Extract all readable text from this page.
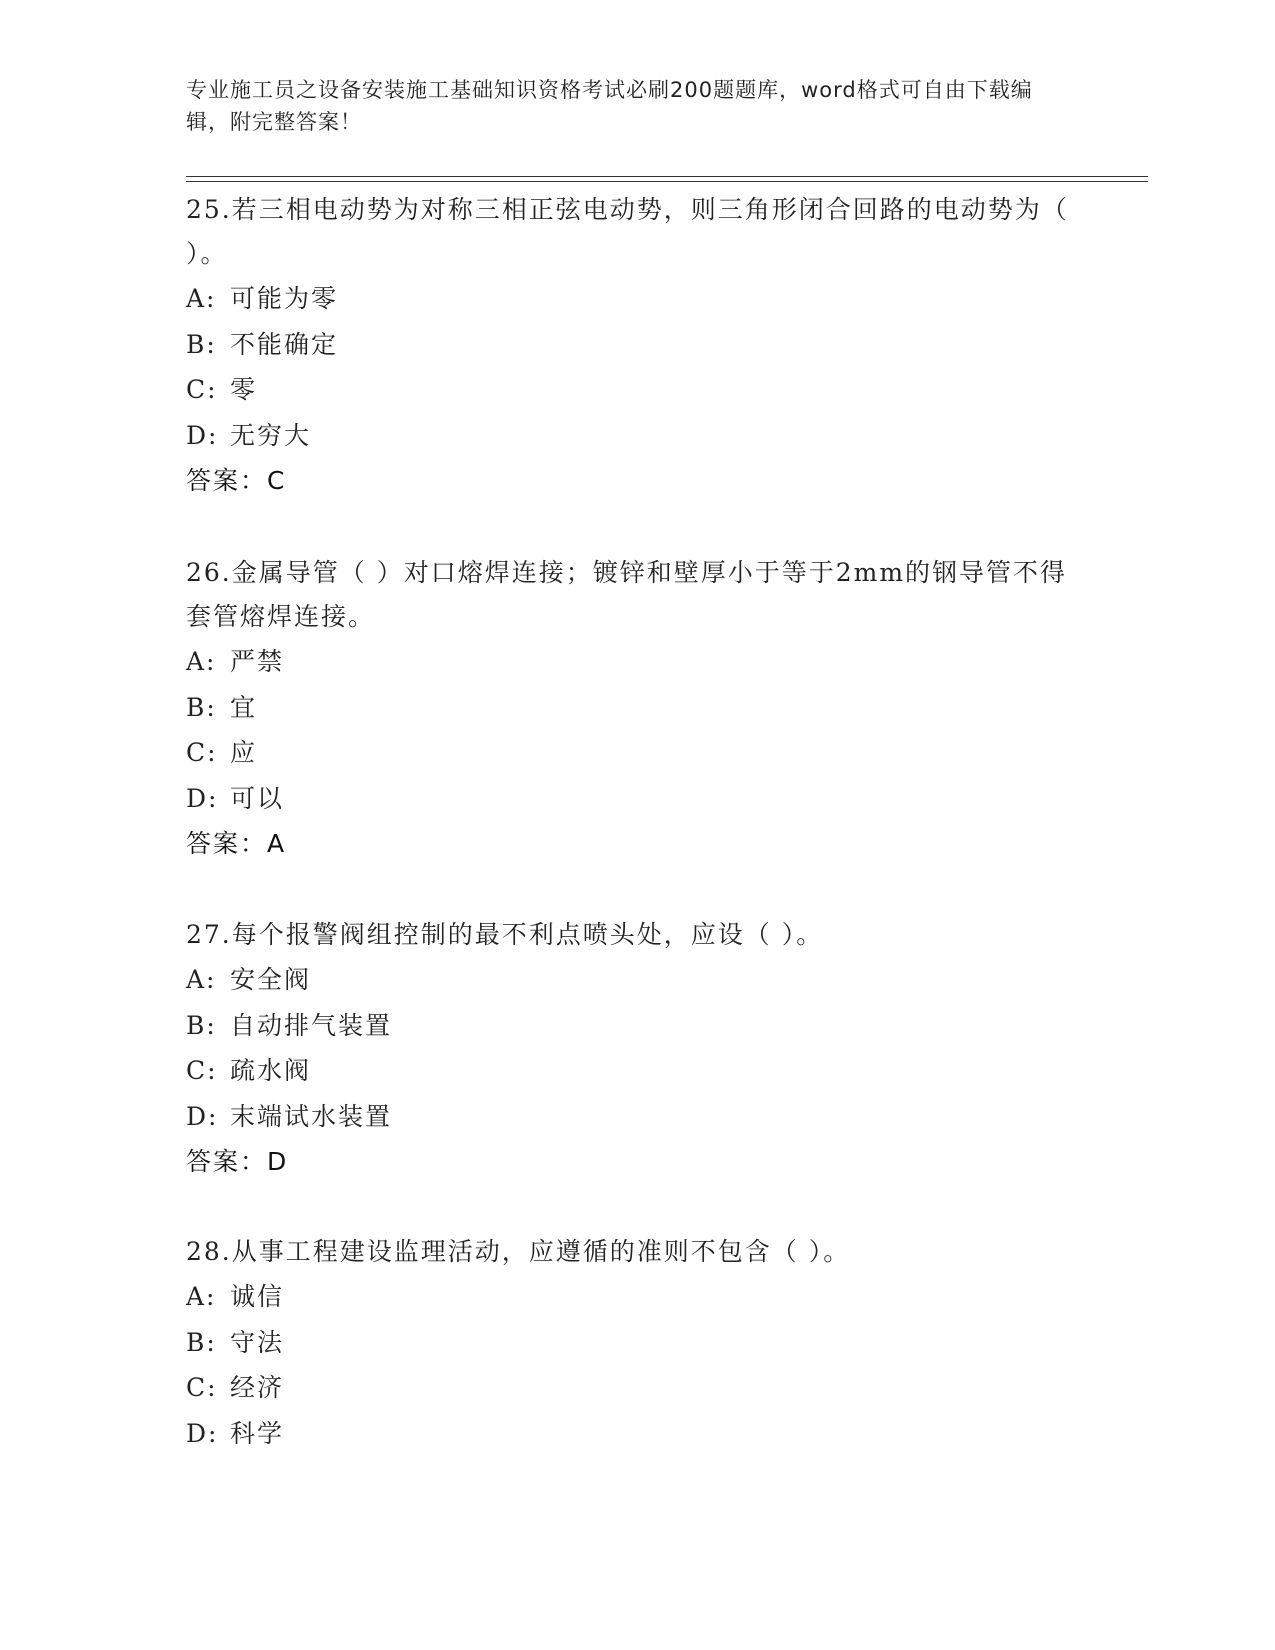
专业施工员之设备安装施工基础知识资格考试必刷200题题库，word格式可自由下载编辑，附完整答案！

25.若三相电动势为对称三相正弦电动势，则三角形闭合回路的电动势为（ ）。

A: 可能为零
B: 不能确定
C: 零
D: 无穷大
答案：C

26.金属导管（ ）对口熔焊连接；镀锌和壁厚小于等于2mm的钢导管不得套管熔焊连接。

A: 严禁
B: 宜
C: 应
D: 可以
答案：A

27.每个报警阀组控制的最不利点喷头处，应设（ ）。

A: 安全阀
B: 自动排气装置
C: 疏水阀
D: 末端试水装置
答案：D

28.从事工程建设监理活动，应遵循的准则不包含（ ）。

A: 诚信
B: 守法
C: 经济
D: 科学
